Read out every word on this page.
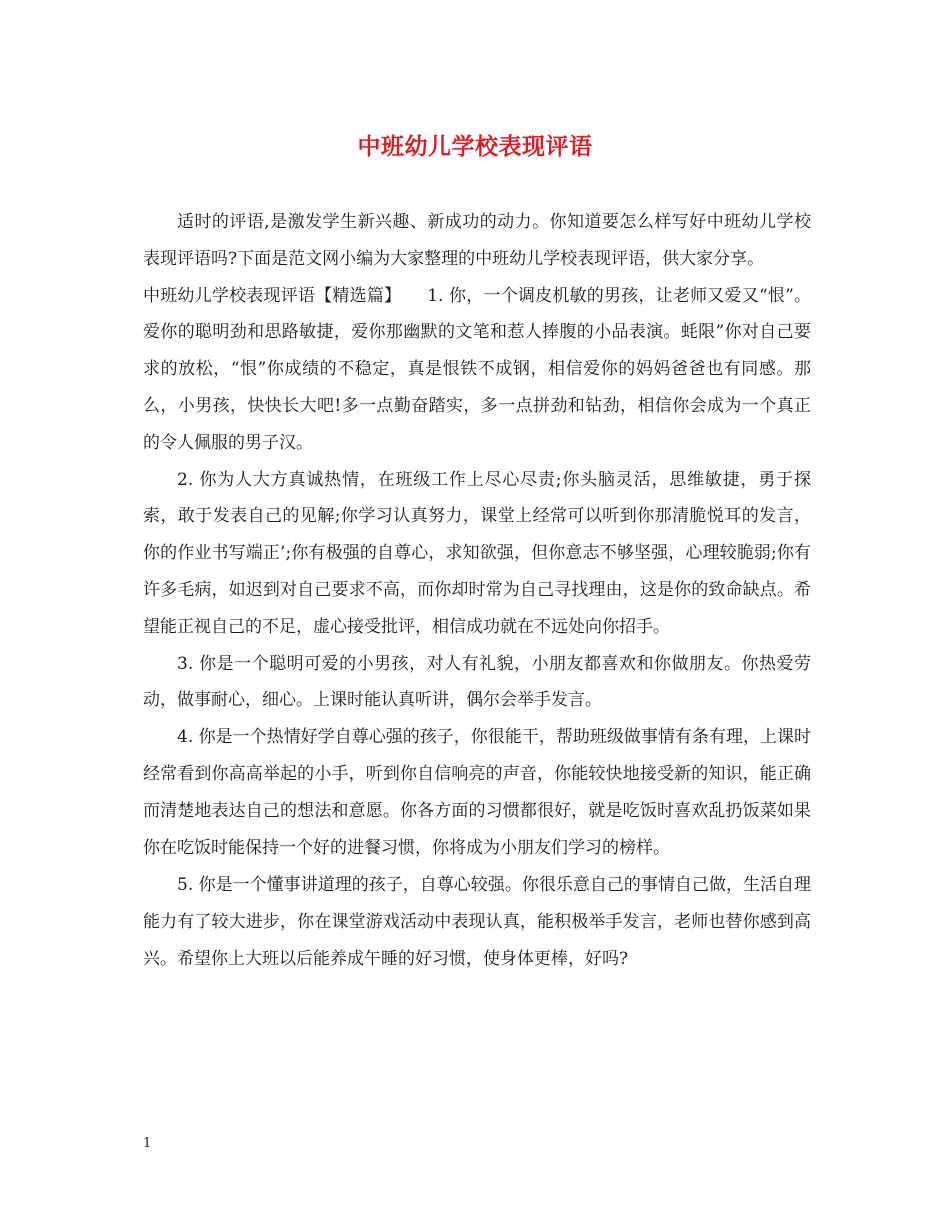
中班幼儿学校表现评语

适时的评语,是激发学生新兴趣、新成功的动力。你知道要怎么样写好中班幼儿学校表现评语吗?下面是范文网小编为大家整理的中班幼儿学校表现评语，供大家分享。

中班幼儿学校表现评语【精选篇】　　1. 你，一个调皮机敏的男孩，让老师又爱又“恨”。爱你的聪明劲和思路敏捷，爱你那幽默的文笔和惹人捧腹的小品表演。蚝限”你对自己要求的放松，“恨”你成绩的不稳定，真是恨铁不成钢，相信爱你的妈妈爸爸也有同感。那么，小男孩，快快长大吧!多一点勤奋踏实，多一点拼劲和钻劲，相信你会成为一个真正的令人佩服的男子汉。

2. 你为人大方真诚热情，在班级工作上尽心尽责;你头脑灵活，思维敏捷，勇于探索，敢于发表自己的见解;你学习认真努力，课堂上经常可以听到你那清脆悦耳的发言，你的作业书写端正’;你有极强的自尊心，求知欲强，但你意志不够坚强，心理较脆弱;你有许多毛病，如迟到对自己要求不高，而你却时常为自己寻找理由，这是你的致命缺点。希望能正视自己的不足，虚心接受批评，相信成功就在不远处向你招手。

3. 你是一个聪明可爱的小男孩，对人有礼貌，小朋友都喜欢和你做朋友。你热爱劳动，做事耐心，细心。上课时能认真听讲，偶尔会举手发言。

4. 你是一个热情好学自尊心强的孩子，你很能干，帮助班级做事情有条有理，上课时经常看到你高高举起的小手，听到你自信响亮的声音，你能较快地接受新的知识，能正确而清楚地表达自己的想法和意愿。你各方面的习惯都很好，就是吃饭时喜欢乱扔饭菜如果你在吃饭时能保持一个好的进餐习惯，你将成为小朋友们学习的榜样。

5. 你是一个懂事讲道理的孩子，自尊心较强。你很乐意自己的事情自己做，生活自理能力有了较大进步，你在课堂游戏活动中表现认真，能积极举手发言，老师也替你感到高兴。希望你上大班以后能养成午睡的好习惯，使身体更棒，好吗?

1
